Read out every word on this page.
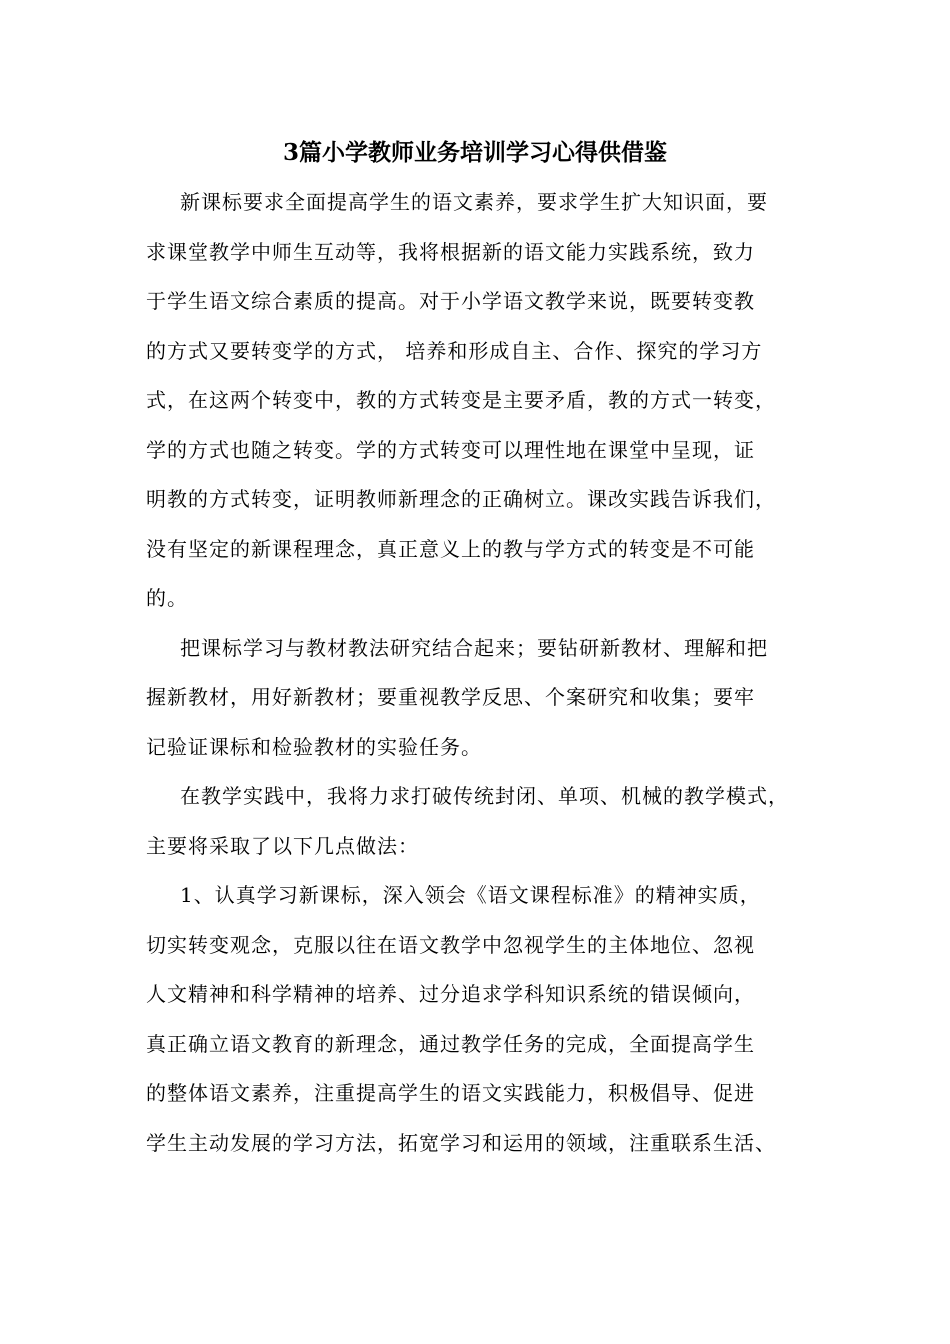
3篇小学教师业务培训学习心得供借鉴
新课标要求全面提高学生的语文素养，要求学生扩大知识面，要
求课堂教学中师生互动等，我将根据新的语文能力实践系统，致力
于学生语文综合素质的提高。对于小学语文教学来说，既要转变教
的方式又要转变学的方式， 培养和形成自主、合作、探究的学习方
式，在这两个转变中，教的方式转变是主要矛盾，教的方式一转变，
学的方式也随之转变。学的方式转变可以理性地在课堂中呈现，证
明教的方式转变，证明教师新理念的正确树立。课改实践告诉我们，
没有坚定的新课程理念，真正意义上的教与学方式的转变是不可能
的。
把课标学习与教材教法研究结合起来；要钻研新教材、理解和把
握新教材，用好新教材；要重视教学反思、个案研究和收集；要牢
记验证课标和检验教材的实验任务。
在教学实践中，我将力求打破传统封闭、单项、机械的教学模式，
主要将采取了以下几点做法：
1、认真学习新课标，深入领会《语文课程标准》的精神实质，
切实转变观念，克服以往在语文教学中忽视学生的主体地位、忽视
人文精神和科学精神的培养、过分追求学科知识系统的错误倾向，
真正确立语文教育的新理念，通过教学任务的完成，全面提高学生
的整体语文素养，注重提高学生的语文实践能力，积极倡导、促进
学生主动发展的学习方法，拓宽学习和运用的领域，注重联系生活、
